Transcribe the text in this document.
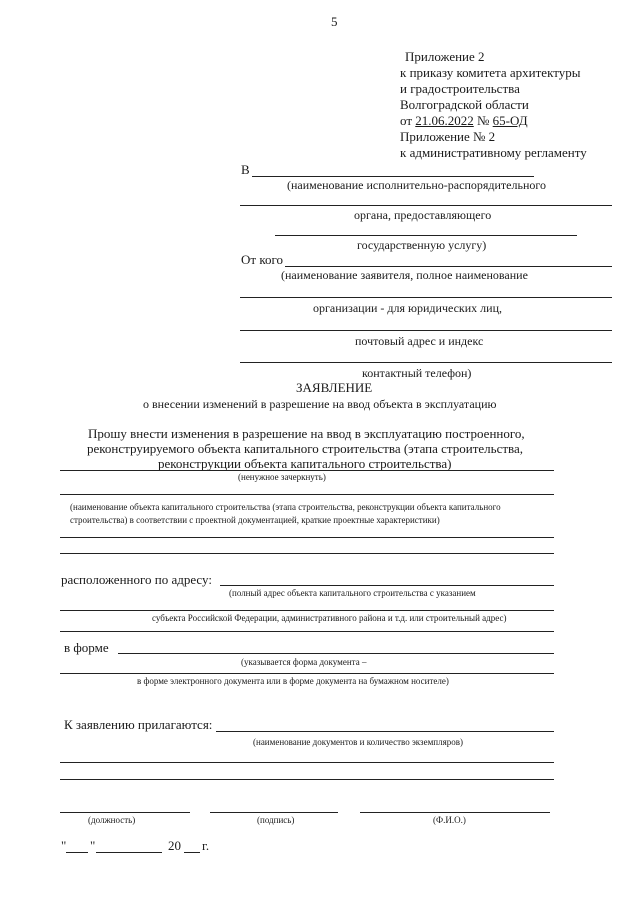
5
Приложение 2
к приказу комитета архитектуры
и градостроительства
Волгоградской области
от 21.06.2022 № 65-ОД
Приложение № 2
к административному регламенту
В
(наименование исполнительно-распорядительного
органа, предоставляющего
государственную услугу)
От кого
(наименование заявителя, полное наименование
организации - для юридических лиц,
почтовый адрес и индекс
контактный телефон)
ЗАЯВЛЕНИЕ
о внесении изменений в разрешение на ввод объекта в эксплуатацию
Прошу внести изменения в разрешение на ввод в эксплуатацию построенного,
реконструируемого объекта капитального строительства (этапа строительства,
реконструкции объекта капитального строительства)
(ненужное зачеркнуть)
(наименование объекта капитального строительства (этапа строительства, реконструкции объекта капитального
строительства) в соответствии с проектной документацией, краткие проектные характеристики)
расположенного по адресу:
(полный адрес объекта капитального строительства с указанием
субъекта Российской Федерации, административного района и т.д. или строительный адрес)
в форме
(указывается форма документа –
в форме электронного документа или в форме документа на бумажном носителе)
К заявлению прилагаются:
(наименование документов и количество экземпляров)
(должность)	(подпись)	(Ф.И.О.)
" "	20 г.
